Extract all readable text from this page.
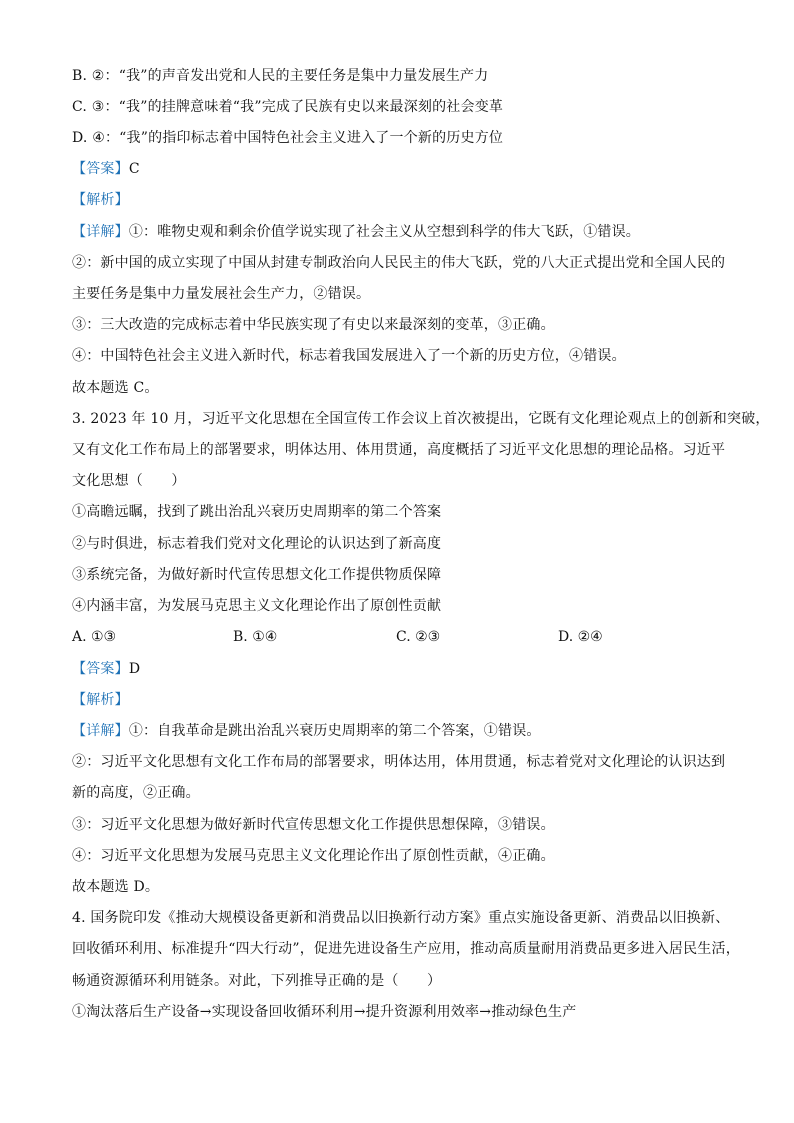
B. ②：“我”的声音发出党和人民的主要任务是集中力量发展生产力
C. ③：“我”的挂牌意味着“我”完成了民族有史以来最深刻的社会变革
D. ④：“我”的指印标志着中国特色社会主义进入了一个新的历史方位
【答案】C
【解析】
【详解】①：唯物史观和剩余价值学说实现了社会主义从空想到科学的伟大飞跃，①错误。
②：新中国的成立实现了中国从封建专制政治向人民民主的伟大飞跃，党的八大正式提出党和全国人民的
主要任务是集中力量发展社会生产力，②错误。
③：三大改造的完成标志着中华民族实现了有史以来最深刻的变革，③正确。
④：中国特色社会主义进入新时代，标志着我国发展进入了一个新的历史方位，④错误。
故本题选 C。
3. 2023 年 10 月，习近平文化思想在全国宣传工作会议上首次被提出，它既有文化理论观点上的创新和突破，
又有文化工作布局上的部署要求，明体达用、体用贯通，高度概括了习近平文化思想的理论品格。习近平
文化思想（　　）
①高瞻远瞩，找到了跳出治乱兴衰历史周期率的第二个答案
②与时俱进，标志着我们党对文化理论的认识达到了新高度
③系统完备，为做好新时代宣传思想文化工作提供物质保障
④内涵丰富，为发展马克思主义文化理论作出了原创性贡献
A. ①③	B. ①④	C. ②③	D. ②④
【答案】D
【解析】
【详解】①：自我革命是跳出治乱兴衰历史周期率的第二个答案，①错误。
②：习近平文化思想有文化工作布局的部署要求，明体达用，体用贯通，标志着党对文化理论的认识达到
新的高度，②正确。
③：习近平文化思想为做好新时代宣传思想文化工作提供思想保障，③错误。
④：习近平文化思想为发展马克思主义文化理论作出了原创性贡献，④正确。
故本题选 D。
4. 国务院印发《推动大规模设备更新和消费品以旧换新行动方案》重点实施设备更新、消费品以旧换新、
回收循环利用、标准提升“四大行动”，促进先进设备生产应用，推动高质量耐用消费品更多进入居民生活，
畅通资源循环利用链条。对此，下列推导正确的是（　　）
①淘汰落后生产设备→实现设备回收循环利用→提升资源利用效率→推动绿色生产
